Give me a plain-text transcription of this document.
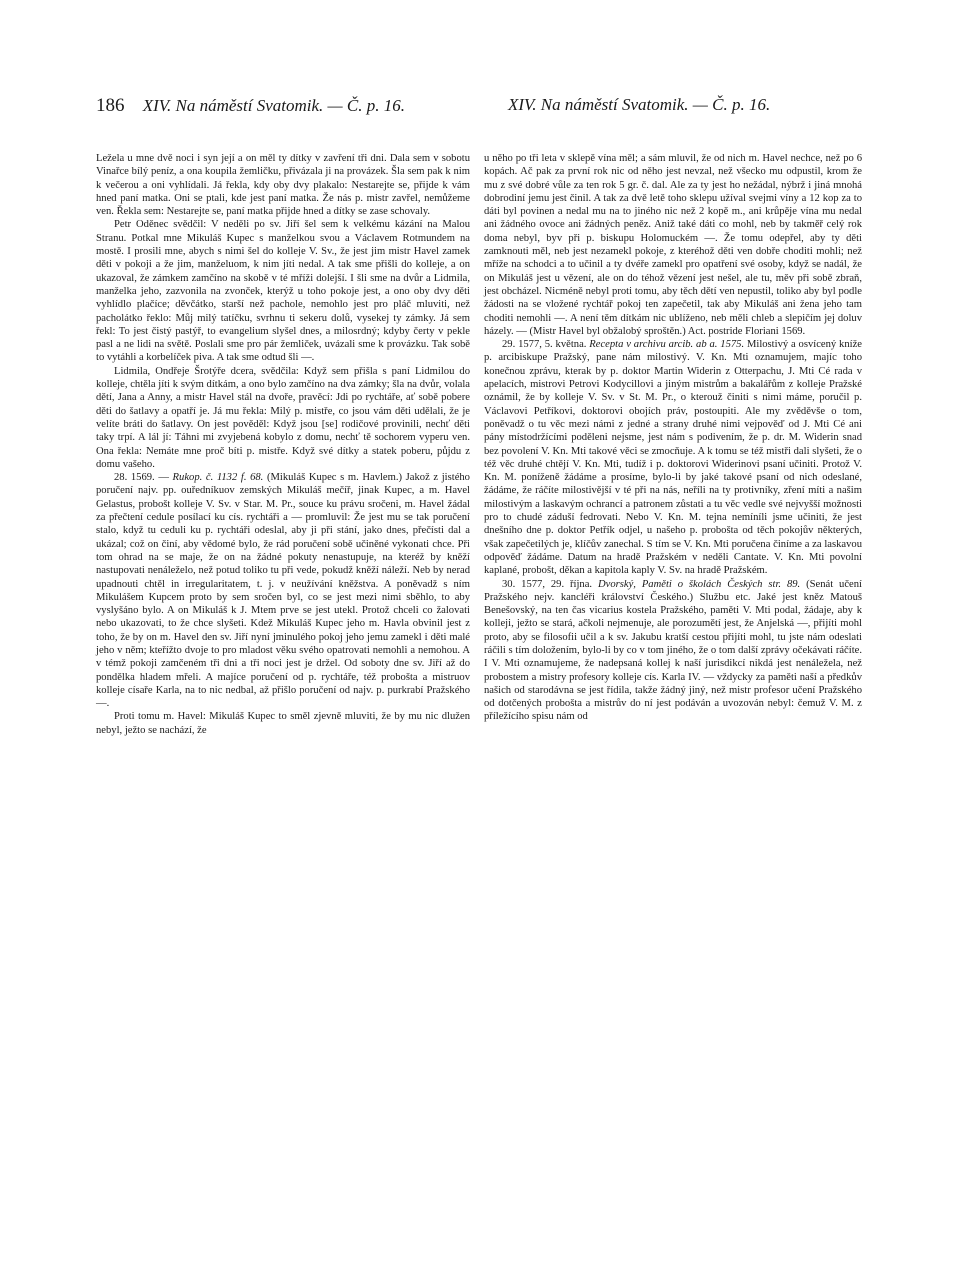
186 XIV. Na náměstí Svatomik. — Č. p. 16.	XIV. Na náměstí Svatomik. — Č. p. 16.

Ležela u mne dvě noci i syn její a on měl ty dítky v zavření tři dni. Dala sem v sobotu Vinařce bílý peníz, a ona koupila žemličku, přivázala ji na provázek. Šla sem pak k nim k večerou a oni vyhlídali. Já řekla, kdy oby dvy plakalo: Nestarejte se, přijde k vám hned paní matka. Oni se ptali, kde jest paní matka. Že nás p. mistr zavřel, nemůžeme ven. Řekla sem: Nestarejte se, paní matka přijde hned a dítky se zase schovaly.

Petr Oděnec svědčil: V neděli po sv. Jiří šel sem k velkému kázání na Malou Stranu. Potkal mne Mikuláš Kupec s manželkou svou a Václavem Rotmundem na mostě. I prosili mne, abych s nimi šel do kolleje V. Sv., že jest jim mistr Havel zamek děti v pokoji a že jim, manželuom, k nim jíti nedal. A tak sme přišli do kolleje, a on ukazoval, že zámkem zamčíno na skobě v té mříži dolejší. I šli sme na dvůr a Lidmila, manželka jeho, zazvonila na zvonček, kterýž u toho pokoje jest, a ono oby dvy děti vyhlídlo plačíce; děvčátko, starší než pachole, nemohlo jest pro pláč mluviti, než pacholátko řeklo: Můj milý tatíčku, svrhnu ti sekeru dolů, vysekej ty zámky. Já sem řekl: To jest čistý pastýř, to evangelium slyšel dnes, a milosrdný; kdyby čerty v pekle pasl a ne lidi na světě. Poslali sme pro pár žemliček, uvázali sme k provázku. Tak sobě to vytáhli a korbelíček piva. A tak sme odtud šli —.

Lidmila, Ondřeje Šrotýře dcera, svědčila: Když sem přišla s paní Lidmilou do kolleje, chtěla jíti k svým dítkám, a ono bylo zamčíno na dva zámky; šla na dvůr, volala dětí, Jana a Anny, a mistr Havel stál na dvoře, pravěcí: Jdi po rychtáře, ať sobě pobere děti do šatlavy a opatří je. Já mu řekla: Milý p. mistře, co jsou vám děti udělali, že je velíte bráti do šatlavy. On jest pověděl: Když jsou [se] rodičové provinili, nechť děti taky trpí. A lál jí: Táhni mi zvyjebená kobylo z domu, nechť tě sochorem vyperu ven. Ona řekla: Nemáte mne proč bíti p. mistře. Když své dítky a statek poberu, půjdu z domu vašeho.

28. 1569. — Rukop. č. 1132 f. 68. (Mikuláš Kupec s m. Havlem.) Jakož z jistého poručení najv. pp. ouředníkuov zemských Mikuláš mečíř, jinak Kupec, a m. Havel Gelastus, probošt kolleje V. Sv. v Star. M. Pr., souce ku právu sročeni, m. Havel žádal za přečtení cedule posílací ku cís. rychtáři a — promluvil: Že jest mu se tak poručení stalo, když tu ceduli ku p. rychtáři odeslal, aby ji při stání, jako dnes, přečísti dal a ukázal; což on činí, aby vědomé bylo, že rád poručení sobě učiněné vykonati chce. Při tom ohrad na se maje, že on na žádné pokuty nenastupuje, na kteréž by kněží nastupovati nenáleželo, než potud toliko tu při vede, pokudž kněží náleží. Neb by nerad upadnouti chtěl in irregularitatem, t. j. v neužívání kněžstva. A poněvadž s ním Mikulášem Kupcem proto by sem sročen byl, co se jest mezi nimi sběhlo, to aby vyslyšáno bylo. A on Mikuláš k J. Mtem prve se jest utekl. Protož chceli co žalovati nebo ukazovati, to že chce slyšeti. Kdež Mikuláš Kupec jeho m. Havla obvinil jest z toho, že by on m. Havel den sv. Jiří nyní jminulého pokoj jeho jemu zamekl i děti malé jeho v něm; kteřížto dvoje to pro mladost věku svého opatrovati nemohli a nemohou. A v témž pokoji zamčeném tři dni a tři noci jest je držel. Od soboty dne sv. Jiří až do pondělka hladem mřeli. A majíce poručení od p. rychtáře, též probošta a mistruov kolleje císaře Karla, na to nic nedbal, až přišlo poručení od najv. p. purkrabí Pražského —.

Proti tomu m. Havel: Mikuláš Kupec to směl zjevně mluviti, že by mu nic dlužen nebyl, ježto se nachází, že

u něho po tři leta v sklepě vína měl; a sám mluvil, že od nich m. Havel nechce, než po 6 kopách. Ač pak za první rok nic od něho jest nevzal, než všecko mu odpustil, krom že mu z své dobré vůle za ten rok 5 gr. č. dal. Ale za ty jest ho nežádal, nýbrž i jiná mnohá dobrodiní jemu jest činil. A tak za dvě letě toho sklepu užíval svejmi víny a 12 kop za to dáti byl povinen a nedal mu na to jiného nic než 2 kopě m., ani krůpěje vína mu nedal ani žádného ovoce ani žádných peněz. Aniž také dáti co mohl, neb by takměř celý rok doma nebyl, byv při p. biskupu Holomuckém —. Že tomu odepřel, aby ty děti zamknouti měl, neb jest nezamekl pokoje, z kteréhož děti ven dobře choditi mohli; než mříže na schodci a to učinil a ty dvéře zamekl pro opatření své osoby, když se nadál, že on Mikuláš jest u vězení, ale on do téhož vězení jest nešel, ale tu, měv při sobě zbraň, jest obcházel. Nicméně nebyl proti tomu, aby těch dětí ven nepustil, toliko aby byl podle žádosti na se vložené rychtář pokoj ten zapečetil, tak aby Mikuláš ani žena jeho tam choditi nemohli —. A není těm dítkám nic ublíženo, neb měli chleb a slepičím jej doluv házely. — (Mistr Havel byl obžalobý sproštěn.) Act. postride Floriani 1569.

29. 1577, 5. května. Recepta v archivu arcib. ab a. 1575. Milostivý a osvícený kníže p. arcibiskupe Pražský, pane nám milostivý. V. Kn. Mti oznamujem, majíc toho konečnou zprávu, kterak by p. doktor Martin Widerin z Otterpachu, J. Mti Cé rada v apelacích, mistrovi Petrovi Kodycillovi a jiným mistrům a bakalářům z kolleje Pražské oznámil, že by kolleje V. Sv. v St. M. Pr., o kterouž činiti s nimi máme, poručil p. Václavovi Petříkovi, doktorovi obojích práv, postoupiti. Ale my zvěděvše o tom, poněvadž o tu věc mezi námi z jedné a strany druhé nimi vejpověď od J. Mti Cé ani pány místodržícími poděleni nejsme, jest nám s podivením, že p. dr. M. Widerin snad bez povolení V. Kn. Mti takové věci se zmocňuje. A k tomu se též mistři dali slyšeti, že o též věc druhé chtějí V. Kn. Mti, tudíž i p. doktorovi Widerinovi psaní učiniti. Protož V. Kn. M. poníženě žádáme a prosíme, bylo-li by jaké takové psaní od nich odeslané, žádáme, že ráčíte milostivější v té při na nás, neříli na ty protivníky, zření míti a našim milostivým a laskavým ochrancí a patronem zůstati a tu věc vedle své nejvyšší možnosti pro to chudé záduší fedrovati. Nebo V. Kn. M. tejna nemíníli jsme učiniti, že jest dnešního dne p. doktor Petřík odjel, u našeho p. probošta od těch pokojův některých, však zapečetilých je, klíčův zanechal. S tím se V. Kn. Mti poručena činíme a za laskavou odpověď žádáme. Datum na hradě Pražském v neděli Cantate. V. Kn. Mti povolní kaplané, probošt, děkan a kapitola kaply V. Sv. na hradě Pražském.

30. 1577, 29. října. Dvorský, Paměti o školách Českých str. 89. (Senát učení Pražského nejv. kancléři království Českého.) Službu etc. Jaké jest kněz Matouš Benešovský, na ten čas vicarius kostela Pražského, paměti V. Mti podal, žádaje, aby k kolleji, ježto se stará, ačkoli nejmenuje, ale porozumětí jest, že Anjelská —, přijíti mohl proto, aby se filosofii učil a k sv. Jakubu kratší cestou přijíti mohl, tu jste nám odeslati ráčili s tím doložením, bylo-li by co v tom jiného, že o tom další zprávy očekávati ráčíte. I V. Mti oznamujeme, že nadepsaná kollej k naší jurisdikcí nikdá jest nenáležela, než probostem a mistry profesory kolleje cís. Karla IV. — vždycky za paměti naší a předkův našich od starodávna se jest řídila, takže žádný jiný, než mistr profesor učení Pražského od dotčených probošta a mistrův do ní jest podáván a uvozován nebyl: čemuž V. M. z příležícího spisu nám od
